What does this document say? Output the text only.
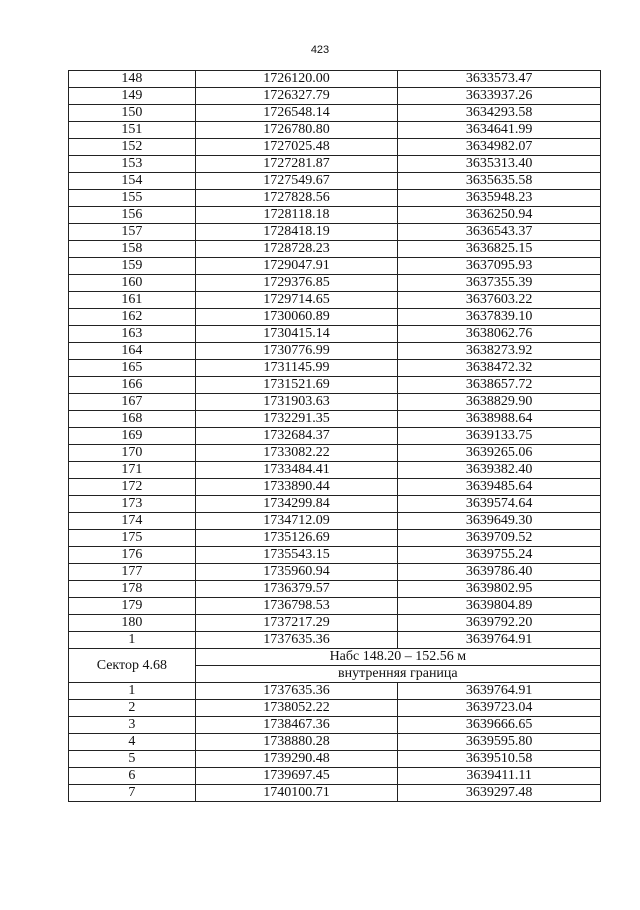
423
148	1726120.00	3633573.47
149	1726327.79	3633937.26
150	1726548.14	3634293.58
151	1726780.80	3634641.99
152	1727025.48	3634982.07
153	1727281.87	3635313.40
154	1727549.67	3635635.58
155	1727828.56	3635948.23
156	1728118.18	3636250.94
157	1728418.19	3636543.37
158	1728728.23	3636825.15
159	1729047.91	3637095.93
160	1729376.85	3637355.39
161	1729714.65	3637603.22
162	1730060.89	3637839.10
163	1730415.14	3638062.76
164	1730776.99	3638273.92
165	1731145.99	3638472.32
166	1731521.69	3638657.72
167	1731903.63	3638829.90
168	1732291.35	3638988.64
169	1732684.37	3639133.75
170	1733082.22	3639265.06
171	1733484.41	3639382.40
172	1733890.44	3639485.64
173	1734299.84	3639574.64
174	1734712.09	3639649.30
175	1735126.69	3639709.52
176	1735543.15	3639755.24
177	1735960.94	3639786.40
178	1736379.57	3639802.95
179	1736798.53	3639804.89
180	1737217.29	3639792.20
1	1737635.36	3639764.91
Сектор 4.68	Набс 148.20 – 152.56 м	
	внутренняя граница	
1	1737635.36	3639764.91
2	1738052.22	3639723.04
3	1738467.36	3639666.65
4	1738880.28	3639595.80
5	1739290.48	3639510.58
6	1739697.45	3639411.11
7	1740100.71	3639297.48
